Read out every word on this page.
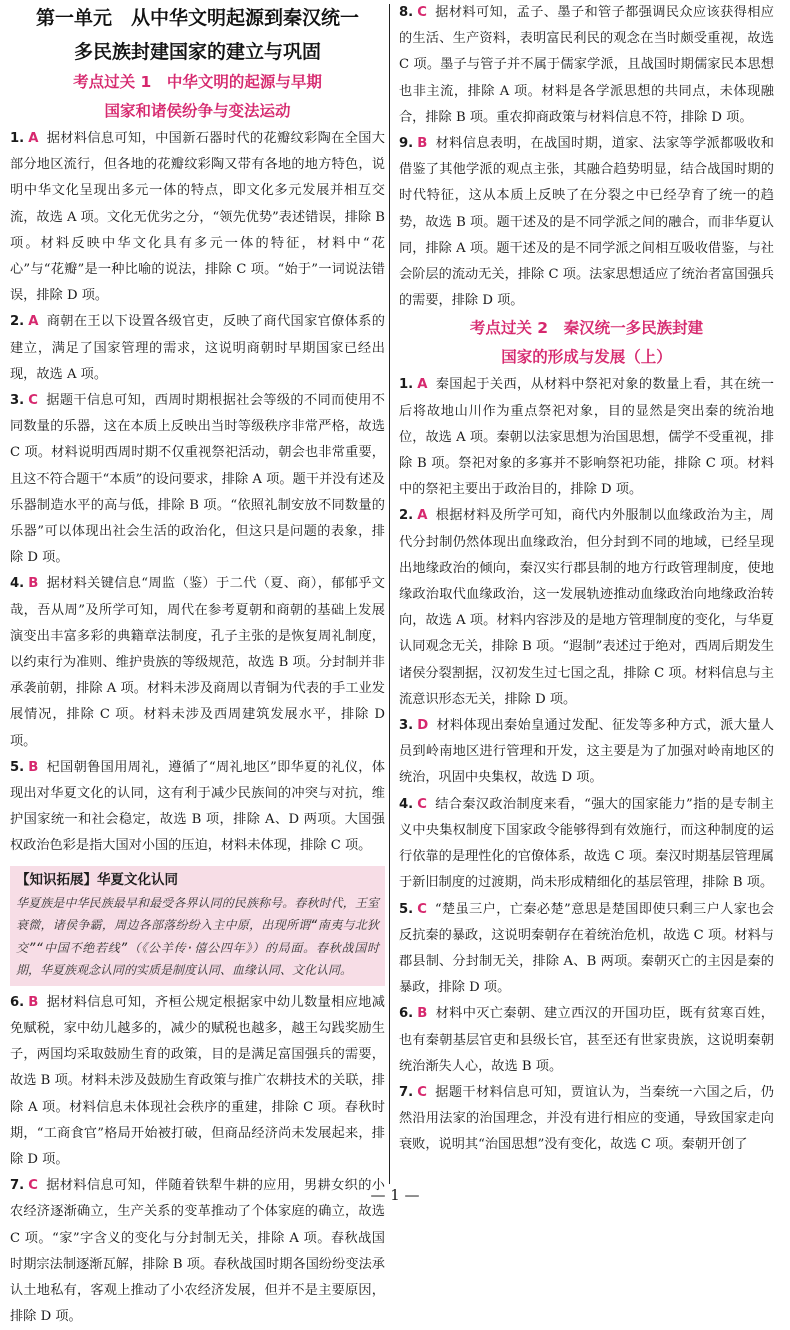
第一单元　从中华文明起源到秦汉统一
多民族封建国家的建立与巩固
考点过关 1　中华文明的起源与早期
国家和诸侯纷争与变法运动

1. A 据材料信息可知，中国新石器时代的花瓣纹彩陶在全国大部分地区流行，但各地的花瓣纹彩陶又带有各地的地方特色，说明中华文化呈现出多元一体的特点，即文化多元发展并相互交流，故选 A 项。文化无优劣之分，“领先优势”表述错误，排除 B 项。材料反映中华文化具有多元一体的特征，材料中“花心”与“花瓣”是一种比喻的说法，排除 C 项。“始于”一词说法错误，排除 D 项。

2. A 商朝在王以下设置各级官吏，反映了商代国家官僚体系的建立，满足了国家管理的需求，这说明商朝时早期国家已经出现，故选 A 项。

3. C 据题干信息可知，西周时期根据社会等级的不同而使用不同数量的乐器，这在本质上反映出当时等级秩序非常严格，故选 C 项。材料说明西周时期不仅重视祭祀活动，朝会也非常重要，且这不符合题干“本质”的设问要求，排除 A 项。题干并没有述及乐器制造水平的高与低，排除 B 项。“依照礼制安放不同数量的乐器”可以体现出社会生活的政治化，但这只是问题的表象，排除 D 项。

4. B 据材料关键信息“周监（鉴）于二代（夏、商），郁郁乎文哉，吾从周”及所学可知，周代在参考夏朝和商朝的基础上发展演变出丰富多彩的典籍章法制度，孔子主张的是恢复周礼制度，以约束行为准则、维护贵族的等级规范，故选 B 项。分封制并非承袭前朝，排除 A 项。材料未涉及商周以青铜为代表的手工业发展情况，排除 C 项。材料未涉及西周建筑发展水平，排除 D 项。

5. B 杞国朝鲁国用周礼，遵循了“周礼地区”即华夏的礼仪，体现出对华夏文化的认同，这有利于减少民族间的冲突与对抗，维护国家统一和社会稳定，故选 B 项，排除 A、D 两项。大国强权政治色彩是指大国对小国的压迫，材料未体现，排除 C 项。

【知识拓展】华夏文化认同
华夏族是中华民族最早和最受各界认同的民族称号。春秋时代，王室衰微，诸侯争霸，周边各部落纷纷入主中原，出现所谓“南夷与北狄交”“中国不绝若线”（《公羊传·僖公四年》）的局面。春秋战国时期，华夏族观念认同的实质是制度认同、血缘认同、文化认同。

6. B 据材料信息可知，齐桓公规定根据家中幼儿数量相应地减免赋税，家中幼儿越多的，减少的赋税也越多，越王勾践奖励生子，两国均采取鼓励生育的政策，目的是满足富国强兵的需要，故选 B 项。材料未涉及鼓励生育政策与推广农耕技术的关联，排除 A 项。材料信息未体现社会秩序的重建，排除 C 项。春秋时期，“工商食官”格局开始被打破，但商品经济尚未发展起来，排除 D 项。

7. C 据材料信息可知，伴随着铁犁牛耕的应用，男耕女织的小农经济逐渐确立，生产关系的变革推动了个体家庭的确立，故选 C 项。“家”字含义的变化与分封制无关，排除 A 项。春秋战国时期宗法制逐渐瓦解，排除 B 项。春秋战国时期各国纷纷变法承认土地私有，客观上推动了小农经济发展，但并不是主要原因，排除 D 项。

8. C 据材料可知，孟子、墨子和管子都强调民众应该获得相应的生活、生产资料，表明富民利民的观念在当时颇受重视，故选 C 项。墨子与管子并不属于儒家学派，且战国时期儒家民本思想也非主流，排除 A 项。材料是各学派思想的共同点，未体现融合，排除 B 项。重农抑商政策与材料信息不符，排除 D 项。

9. B 材料信息表明，在战国时期，道家、法家等学派都吸收和借鉴了其他学派的观点主张，其融合趋势明显，结合战国时期的时代特征，这从本质上反映了在分裂之中已经孕育了统一的趋势，故选 B 项。题干述及的是不同学派之间的融合，而非华夏认同，排除 A 项。题干述及的是不同学派之间相互吸收借鉴，与社会阶层的流动无关，排除 C 项。法家思想适应了统治者富国强兵的需要，排除 D 项。

考点过关 2　秦汉统一多民族封建
国家的形成与发展（上）

1. A 秦国起于关西，从材料中祭祀对象的数量上看，其在统一后将故地山川作为重点祭祀对象，目的显然是突出秦的统治地位，故选 A 项。秦朝以法家思想为治国思想，儒学不受重视，排除 B 项。祭祀对象的多寡并不影响祭祀功能，排除 C 项。材料中的祭祀主要出于政治目的，排除 D 项。

2. A 根据材料及所学可知，商代内外服制以血缘政治为主，周代分封制仍然体现出血缘政治，但分封到不同的地域，已经呈现出地缘政治的倾向，秦汉实行郡县制的地方行政管理制度，使地缘政治取代血缘政治，这一发展轨迹推动血缘政治向地缘政治转向，故选 A 项。材料内容涉及的是地方管理制度的变化，与华夏认同观念无关，排除 B 项。“遐制”表述过于绝对，西周后期发生诸侯分裂割据，汉初发生过七国之乱，排除 C 项。材料信息与主流意识形态无关，排除 D 项。

3. D 材料体现出秦始皇通过发配、征发等多种方式，派大量人员到岭南地区进行管理和开发，这主要是为了加强对岭南地区的统治，巩固中央集权，故选 D 项。

4. C 结合秦汉政治制度来看，“强大的国家能力”指的是专制主义中央集权制度下国家政令能够得到有效施行，而这种制度的运行依靠的是理性化的官僚体系，故选 C 项。秦汉时期基层管理属于新旧制度的过渡期，尚未形成精细化的基层管理，排除 B 项。

5. C “楚虽三户，亡秦必楚”意思是楚国即使只剩三户人家也会反抗秦的暴政，这说明秦朝存在着统治危机，故选 C 项。材料与郡县制、分封制无关，排除 A、B 两项。秦朝灭亡的主因是秦的暴政，排除 D 项。

6. B 材料中灭亡秦朝、建立西汉的开国功臣，既有贫寒百姓，也有秦朝基层官吏和县级长官，甚至还有世家贵族，这说明秦朝统治渐失人心，故选 B 项。

7. C 据题干材料信息可知，贾谊认为，当秦统一六国之后，仍然沿用法家的治国理念，并没有进行相应的变通，导致国家走向衰败，说明其“治国思想”没有变化，故选 C 项。秦朝开创了

— 1 —
